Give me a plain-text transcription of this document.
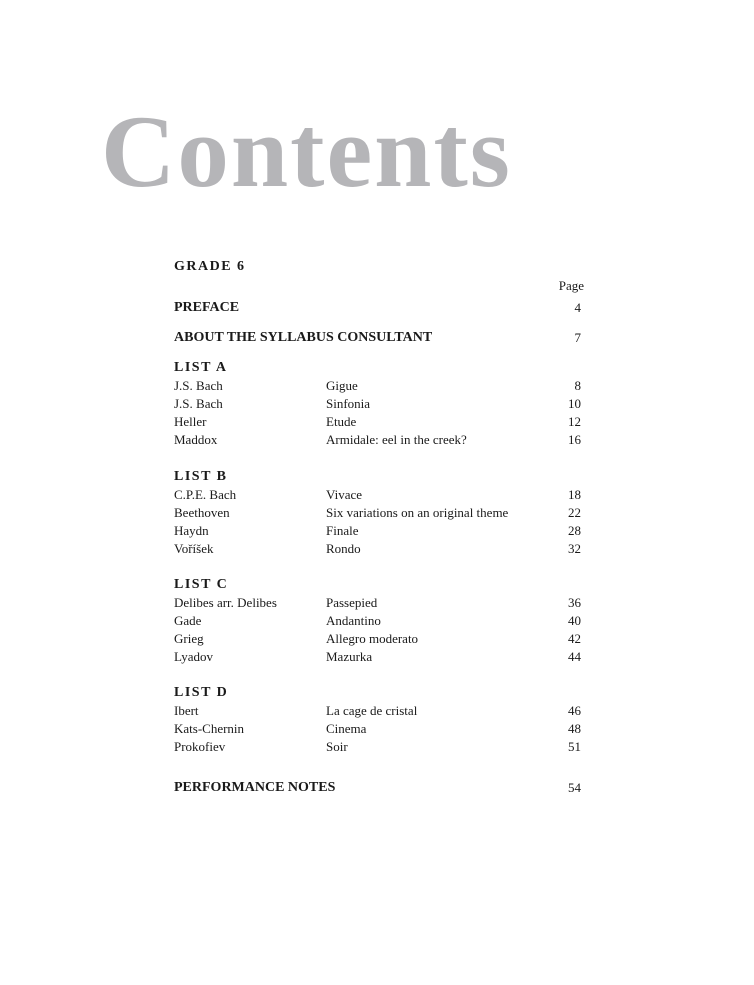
Contents
GRADE 6
Page
PREFACE	4
ABOUT THE SYLLABUS CONSULTANT	7
LIST A
J.S. Bach	Gigue	8
J.S. Bach	Sinfonia	10
Heller	Etude	12
Maddox	Armidale: eel in the creek?	16
LIST B
C.P.E. Bach	Vivace	18
Beethoven	Six variations on an original theme	22
Haydn	Finale	28
Voříšek	Rondo	32
LIST C
Delibes arr. Delibes	Passepied	36
Gade	Andantino	40
Grieg	Allegro moderato	42
Lyadov	Mazurka	44
LIST D
Ibert	La cage de cristal	46
Kats-Chernin	Cinema	48
Prokofiev	Soir	51
PERFORMANCE NOTES	54
